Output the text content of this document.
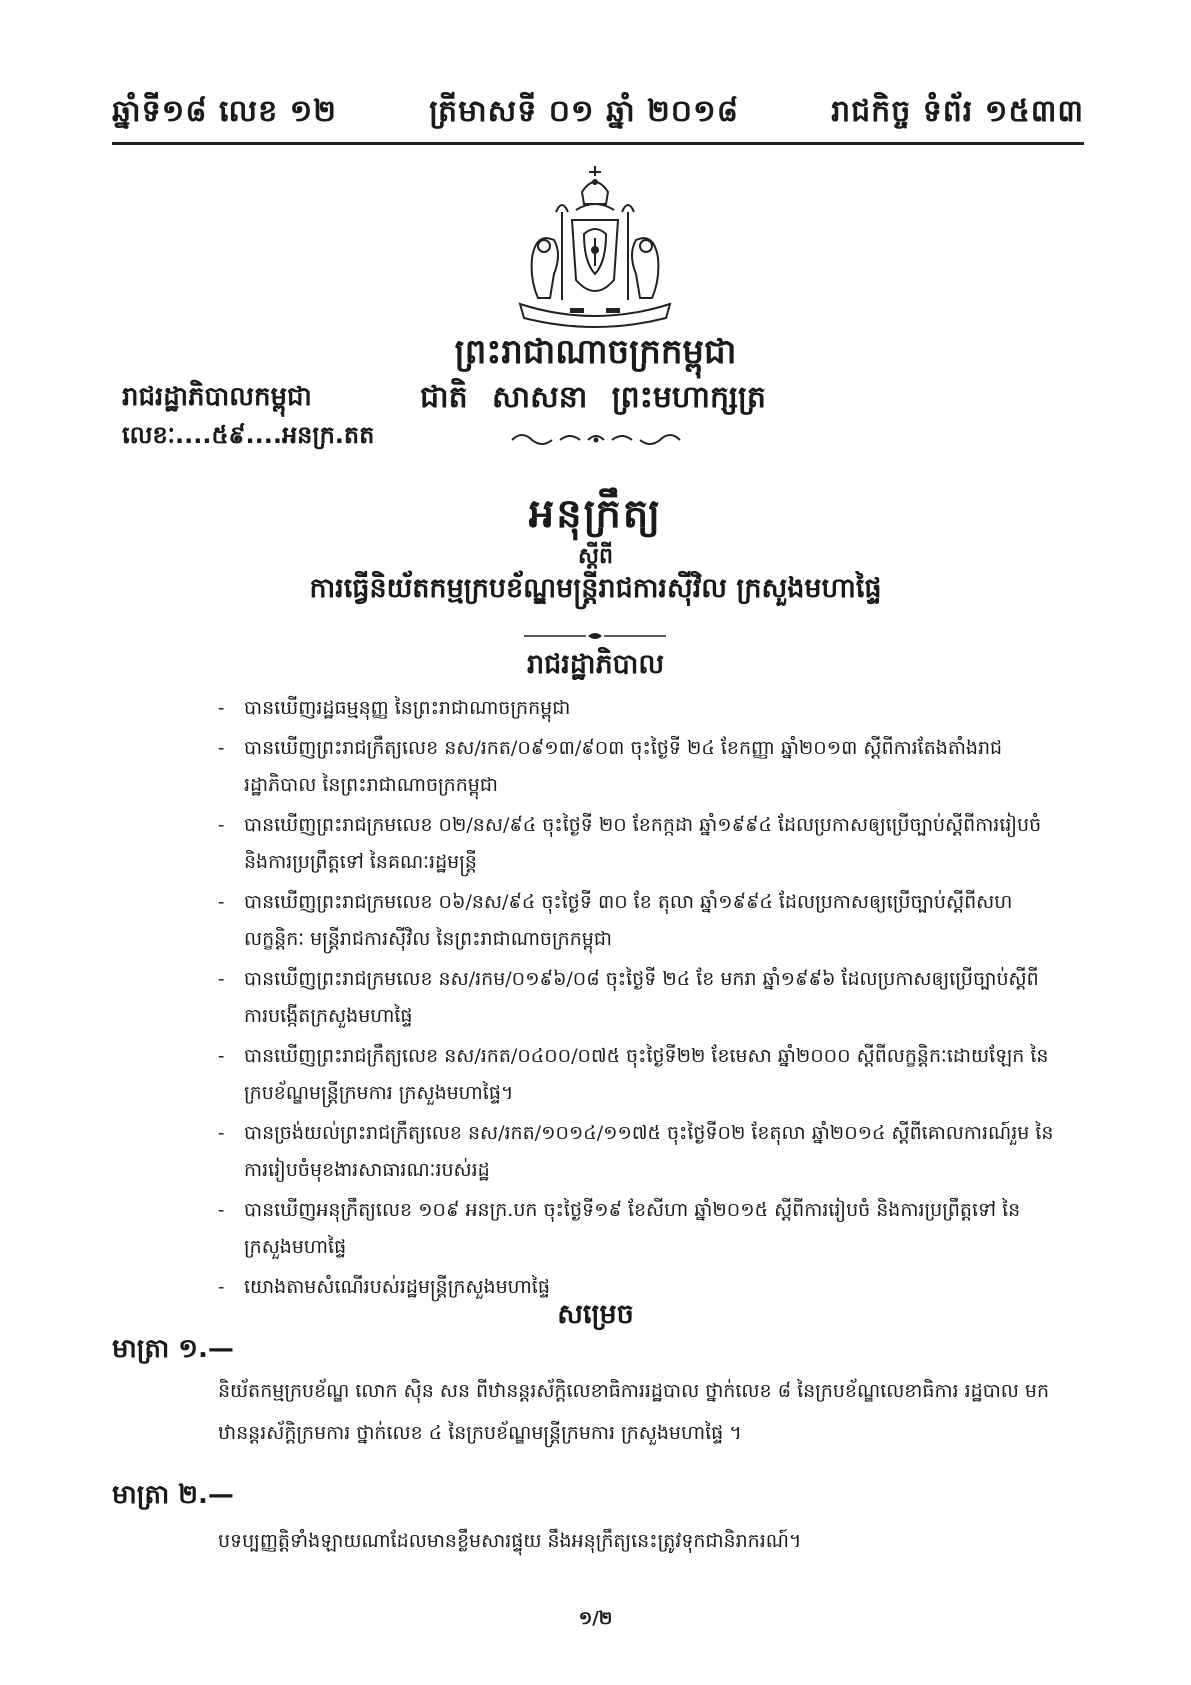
ឆ្នាំទី១៨ លេខ ១២	ត្រីមាសទី ០១ ឆ្នាំ ២០១៨	រាជកិច្ច ទំព័រ ១៥៣៣
ព្រះរាជាណាចក្រកម្ពុជា
រាជរដ្ឋាភិបាលកម្ពុជា	ជាតិ សាសនា ព្រះមហាក្សត្រ
លេខៈ....៥៩....អនក្រ.តត
អនុក្រឹត្យ
ស្តីពី
ការធ្វើនិយ័តកម្មក្របខ័ណ្ឌមន្ត្រីរាជការស៊ីវិល ក្រសួងមហាផ្ទៃ
រាជរដ្ឋាភិបាល
- បានឃើញរដ្ឋធម្មនុញ្ញ នៃព្រះរាជាណាចក្រកម្ពុជា
- បានឃើញព្រះរាជក្រឹត្យលេខ នស/រកត/០៩១៣/៩០៣ ចុះថ្ងៃទី ២៤ ខែកញ្ញា ឆ្នាំ២០១៣ ស្តីពីការតែងតាំងរាជរដ្ឋាភិបាល នៃព្រះរាជាណាចក្រកម្ពុជា
- បានឃើញព្រះរាជក្រមលេខ ០២/នស/៩៤ ចុះថ្ងៃទី ២០ ខែកក្កដា ឆ្នាំ១៩៩៤ ដែលប្រកាសឲ្យប្រើច្បាប់ស្តីពីការរៀបចំ និងការប្រព្រឹត្តទៅ នៃគណៈរដ្ឋមន្ត្រី
- បានឃើញព្រះរាជក្រមលេខ ០៦/នស/៩៤ ចុះថ្ងៃទី ៣០ ខែ តុលា ឆ្នាំ១៩៩៤ ដែលប្រកាសឲ្យប្រើច្បាប់ស្តីពីសហលក្ខន្តិកៈ មន្ត្រីរាជការស៊ីវិល នៃព្រះរាជាណាចក្រកម្ពុជា
- បានឃើញព្រះរាជក្រមលេខ នស/រកម/០១៩៦/០៨ ចុះថ្ងៃទី ២៤ ខែ មករា ឆ្នាំ១៩៩៦ ដែលប្រកាសឲ្យប្រើច្បាប់ស្តីពី ការបង្កើតក្រសួងមហាផ្ទៃ
- បានឃើញព្រះរាជក្រឹត្យលេខ នស/រកត/០៤០០/០៧៥ ចុះថ្ងៃទី២២ ខែមេសា ឆ្នាំ២០០០ ស្តីពីលក្ខន្តិកៈដោយឡែក នៃក្របខ័ណ្ឌមន្ត្រីក្រមការ ក្រសួងមហាផ្ទៃ។
- បានច្រង់យល់ព្រះរាជក្រឹត្យលេខ នស/រកត/១០១៤/១១៧៥ ចុះថ្ងៃទី០២ ខែតុលា ឆ្នាំ២០១៤ ស្តីពីគោលការណ៍រួម នៃការរៀបចំមុខងារសាធារណៈរបស់រដ្ឋ
- បានឃើញអនុក្រឹត្យលេខ ១០៩ អនក្រ.បក ចុះថ្ងៃទី១៩ ខែសីហា ឆ្នាំ២០១៥ ស្តីពីការរៀបចំ និងការប្រព្រឹត្តទៅ នៃក្រសួងមហាផ្ទៃ
- យោងតាមសំណើរបស់រដ្ឋមន្ត្រីក្រសួងមហាផ្ទៃ
សម្រេច
មាត្រា ១.—
និយ័តកម្មក្របខ័ណ្ឌ លោក ស៊ិន សន ពីឋានន្តរស័ក្តិលេខាធិការរដ្ឋបាល ថ្នាក់លេខ ៨ នៃក្របខ័ណ្ឌលេខាធិការ រដ្ឋបាល មកឋានន្តរស័ក្តិក្រមការ ថ្នាក់លេខ ៤ នៃក្របខ័ណ្ឌមន្ត្រីក្រមការ ក្រសួងមហាផ្ទៃ ។
មាត្រា ២.—
បទប្បញ្ញត្តិទាំងឡាយណាដែលមានខ្លឹមសារផ្ទុយ នឹងអនុក្រឹត្យនេះត្រូវទុកជានិរាករណ៍។
១/២
